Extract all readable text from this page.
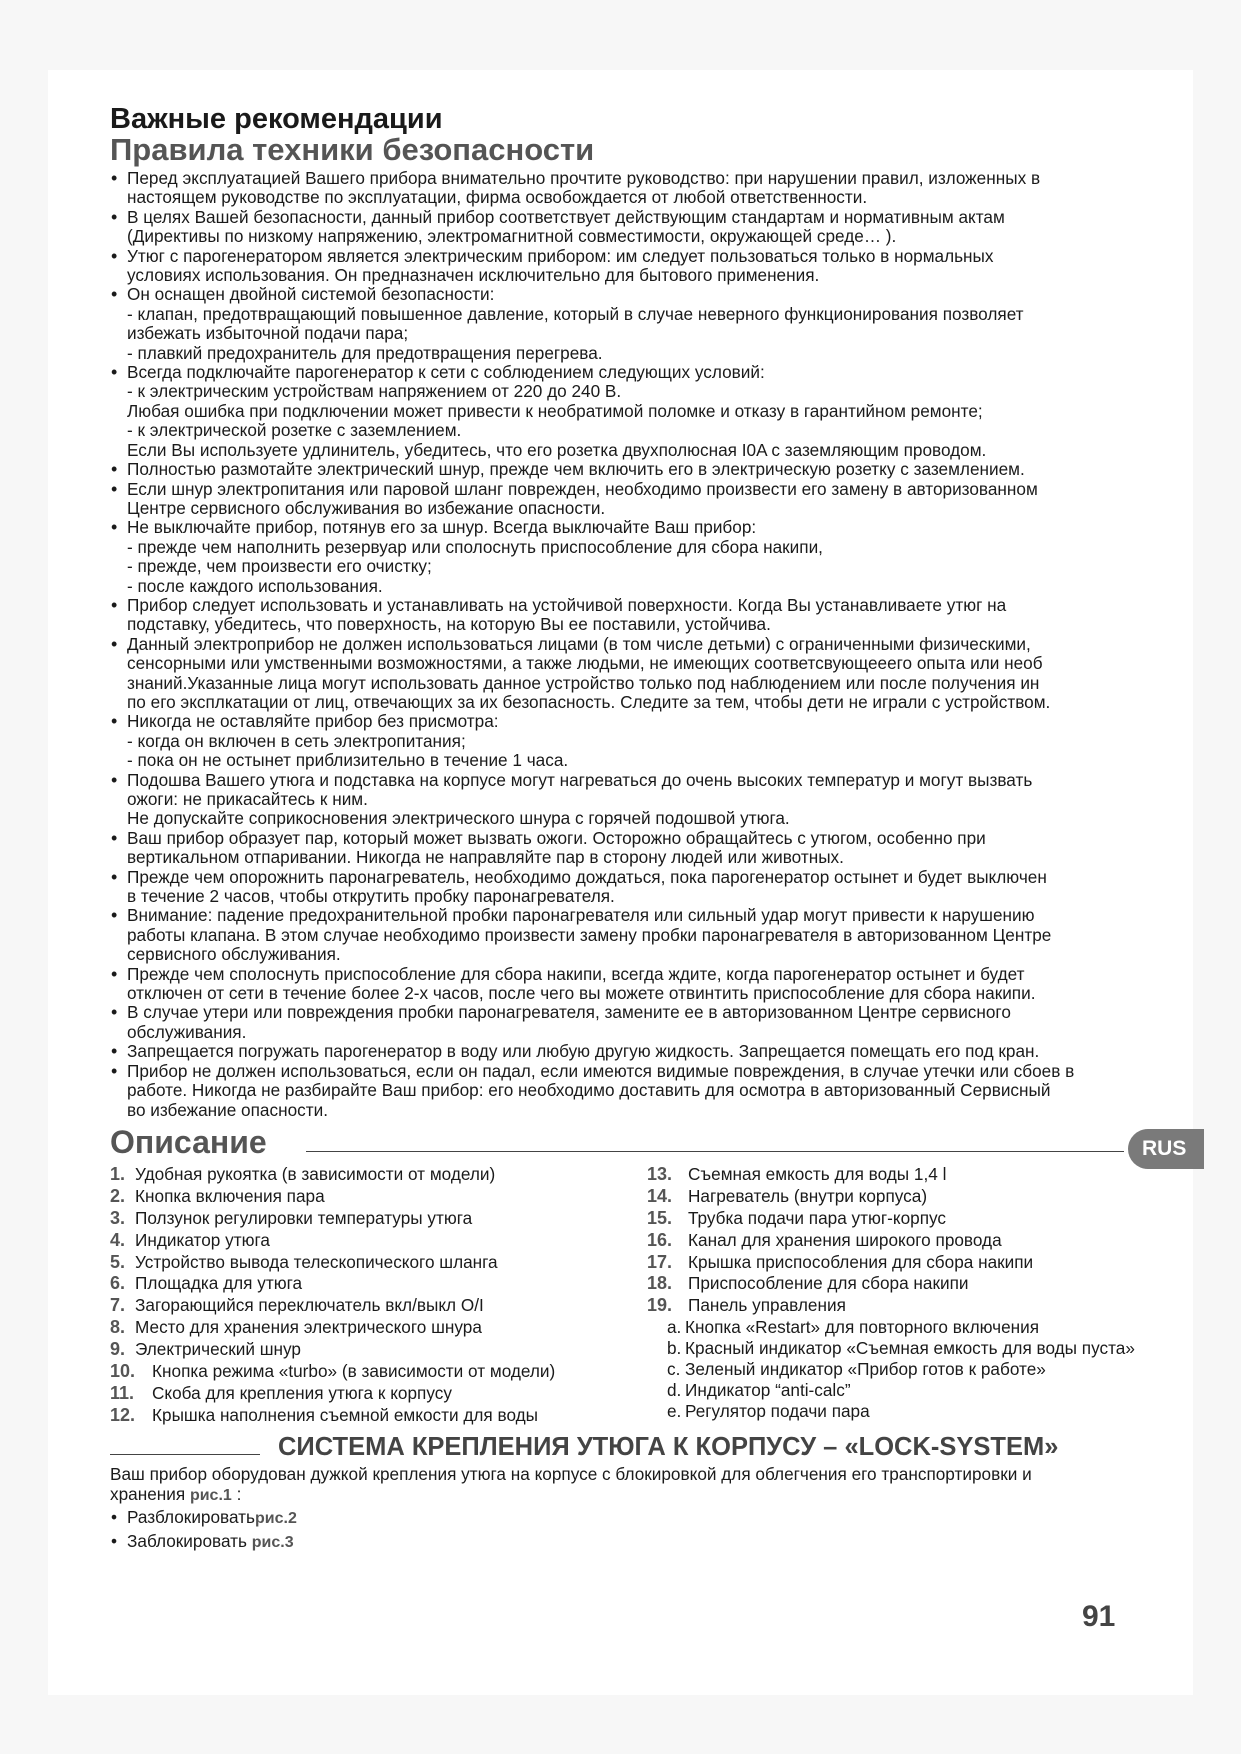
Важные рекомендации
Правила техники безопасности
• Перед эксплуатацией Вашего прибора внимательно прочтите руководство: при нарушении правил, изложенных в
настоящем руководстве по эксплуатации, фирма освобождается от любой ответственности.
• В целях Вашей безопасности, данный прибор соответствует действующим стандартам и нормативным актам
(Директивы по низкому напряжению, электромагнитной совместимости, окружающей среде… ).
• Утюг с парогенератором является электрическим прибором: им следует пользоваться только в нормальных
условиях использования. Он предназначен исключительно для бытового применения.
• Он оснащен двойной системой безопасности:
- клапан, предотвращающий повышенное давление, который в случае неверного функционирования позволяет
избежать избыточной подачи пара;
- плавкий предохранитель для предотвращения перегрева.
• Всегда подключайте парогенератор к сети с соблюдением следующих условий:
- к электрическим устройствам напряжением от 220 до 240 В.
Любая ошибка при подключении может привести к необратимой поломке и отказу в гарантийном ремонте;
- к электрической розетке с заземлением.
Если Вы используете удлинитель, убедитесь, что его розетка двухполюсная I0A с заземляющим проводом.
• Полностью размотайте электрический шнур, прежде чем включить его в электрическую розетку с заземлением.
• Если шнур электропитания или паровой шланг поврежден, необходимо произвести его замену в авторизованном
Центре сервисного обслуживания во избежание опасности.
• Не выключайте прибор, потянув его за шнур. Всегда выключайте Ваш прибор:
- прежде чем наполнить резервуар или сполоснуть приспособление для сбора накипи,
- прежде, чем произвести его очистку;
- после каждого использования.
• Прибор следует использовать и устанавливать на устойчивой поверхности. Когда Вы устанавливаете утюг на
подставку, убедитесь, что поверхность, на которую Вы ее поставили, устойчива.
• Данный электроприбор не должен использоваться лицами (в том числе детьми) с ограниченными физическими,
сенсорными или умственными возможностями, а также людьми, не имеющих соответсвующееего опыта или необ
знаний.Указанные лица могут использовать данное устройство только под наблюдением или после получения ин
по его эксплкатации от лиц, отвечающих за их безопасность. Следите за тем, чтобы дети не играли с устройством.
• Никогда не оставляйте прибор без присмотра:
- когда он включен в сеть электропитания;
- пока он не остынет приблизительно в течение 1 часа.
• Подошва Вашего утюга и подставка на корпусе могут нагреваться до очень высоких температур и могут вызвать
ожоги: не прикасайтесь к ним.
Не допускайте соприкосновения электрического шнура с горячей подошвой утюга.
• Ваш прибор образует пар, который может вызвать ожоги. Осторожно обращайтесь с утюгом, особенно при
вертикальном отпаривании. Никогда не направляйте пар в сторону людей или животных.
• Прежде чем опорожнить паронагреватель, необходимо дождаться, пока парогенератор остынет и будет выключен
в течение 2 часов, чтобы открутить пробку паронагревателя.
• Внимание: падение предохранительной пробки паронагревателя или сильный удар могут привести к нарушению
работы клапана. В этом случае необходимо произвести замену пробки паронагревателя в авторизованном Центре
сервисного обслуживания.
• Прежде чем сполоснуть приспособление для сбора накипи, всегда ждите, когда парогенератор остынет и будет
отключен от сети в течение более 2-х часов, после чего вы можете отвинтить приспособление для сбора накипи.
• В случае утери или повреждения пробки паронагревателя, замените ее в авторизованном Центре сервисного
обслуживания.
• Запрещается погружать парогенератор в воду или любую другую жидкость. Запрещается помещать его под кран.
• Прибор не должен использоваться, если он падал, если имеются видимые повреждения, в случае утечки или сбоев в
работе. Никогда не разбирайте Ваш прибор: его необходимо доставить для осмотра в авторизованный Сервисный
во избежание опасности.
Описание
1. Удобная рукоятка (в зависимости от модели)
2. Кнопка включения пара
3. Ползунок регулировки температуры утюга
4. Индикатор утюга
5. Устройство вывода телескопического шланга
6. Площадка для утюга
7. Загорающийся переключатель вкл/выкл O/I
8. Место для хранения электрического шнура
9. Электрический шнур
10. Кнопка режима «turbo» (в зависимости от модели)
11.	Скоба для крепления утюга к корпусу
12. Крышка наполнения съемной емкости для воды
13. Съемная емкость для воды 1,4 l
14. Нагреватель (внутри корпуса)
15. Трубка подачи пара утюг-корпус
16. Канал для хранения широкого провода
17. Крышка приспособления для сбора накипи
18. Приспособление для сбора накипи
19. Панель управления
a. Кнопка «Restart» для повторного включения
b. Красный индикатор «Съемная емкость для воды пуста»
c. Зеленый индикатор «Прибор готов к работе»
d. Индикатор “anti-calc”
e. Регулятор подачи пара
СИСТЕМА КРЕПЛЕНИЯ УТЮГА К КОРПУСУ – «LOCK-SYSTEM»
Ваш прибор оборудован дужкой крепления утюга на корпусе с блокировкой для облегчения его транспортировки и
хранения рис.1 :
• Разблокироватьрис.2
• Заблокировать рис.3
RUS
91
